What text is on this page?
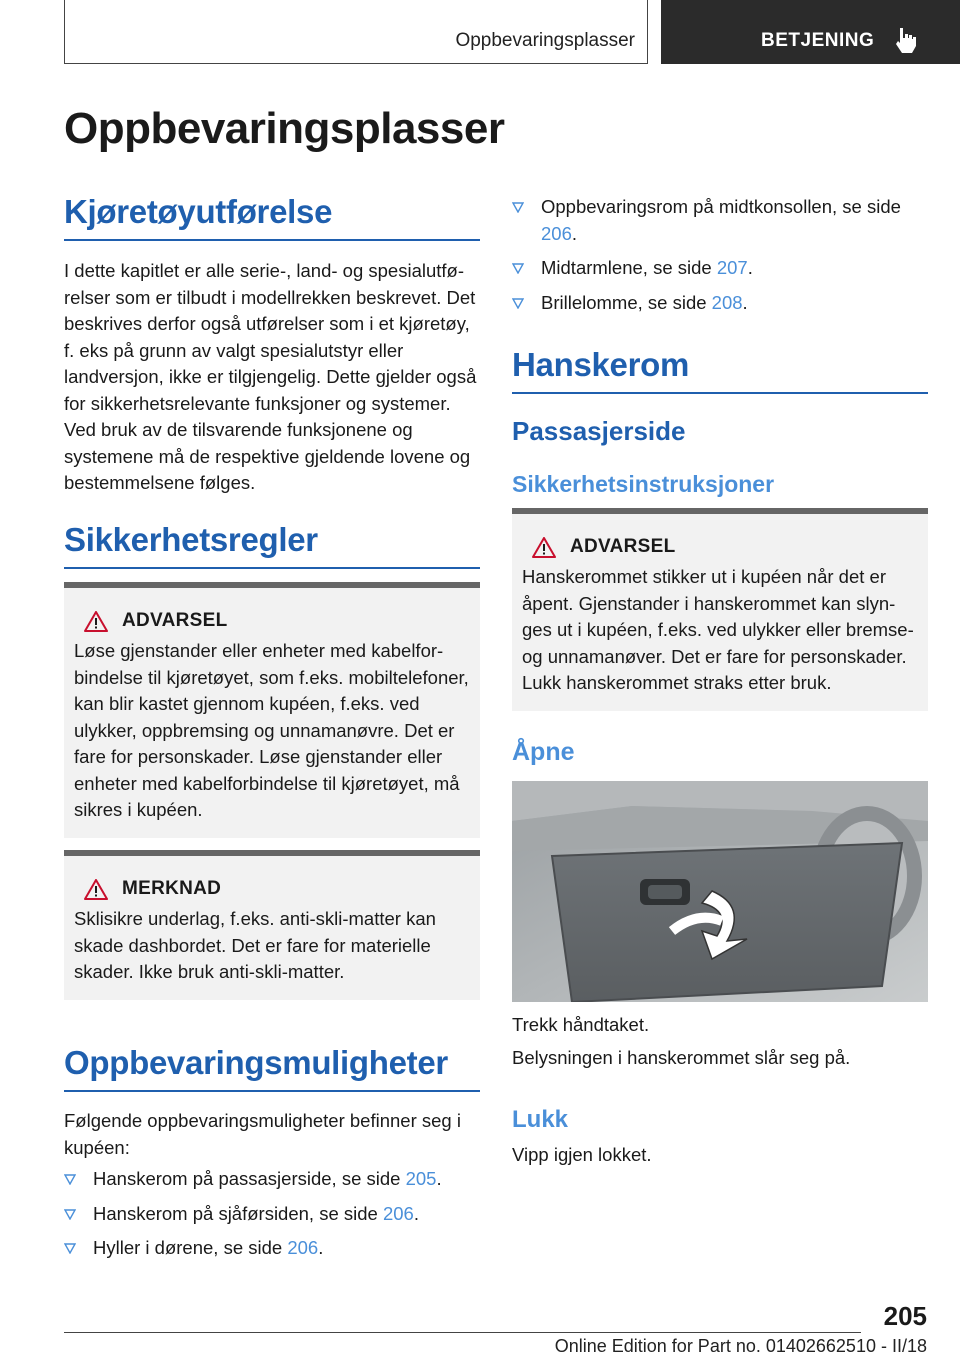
Oppbevaringsplasser	BETJENING
Oppbevaringsplasser
Kjøretøyutførelse

I dette kapitlet er alle serie-, land- og spesialutførelser som er tilbudt i modellrekken beskrevet. Det beskrives derfor også utførelser som i et kjøretøy, f. eks på grunn av valgt spesialutstyr eller landversjon, ikke er tilgjengelig. Dette gjelder også for sikkerhetsrelevante funksjoner og systemer. Ved bruk av de tilsvarende funksjonene og systemene må de respektive gjeldende lovene og bestemmelsene følges.

Sikkerhetsregler
ADVARSEL
Løse gjenstander eller enheter med kabelforbindelse til kjøretøyet, som f.eks. mobiltelefoner, kan blir kastet gjennom kupéen, f.eks. ved ulykker, oppbremsing og unnamanøvre. Det er fare for personskader. Løse gjenstander eller enheter med kabelforbindelse til kjøretøyet, må sikres i kupéen.
MERKNAD
Sklisikre underlag, f.eks. anti-skli-matter kan skade dashbordet. Det er fare for materielle skader. Ikke bruk anti-skli-matter.
Oppbevaringsmuligheter

Følgende oppbevaringsmuligheter befinner seg i kupéen:

Hanskerom på passasjerside, se side 205.
Hanskerom på sjåførsiden, se side 206.
Hyller i dørene, se side 206.
Oppbevaringsrom på midtkonsollen, se side 206.
Midtarmlene, se side 207.
Brillelomme, se side 208.
Hanskerom
Passasjerside
Sikkerhetsinstruksjoner
ADVARSEL
Hanskerommet stikker ut i kupéen når det er åpent. Gjenstander i hanskerommet kan slynges ut i kupéen, f.eks. ved ulykker eller bremse- og unnamanøver. Det er fare for personskader. Lukk hanskerommet straks etter bruk.
Åpne

Trekk håndtaket.

Belysningen i hanskerommet slår seg på.

Lukk

Vipp igjen lokket.

205
Online Edition for Part no. 01402662510 - II/18
